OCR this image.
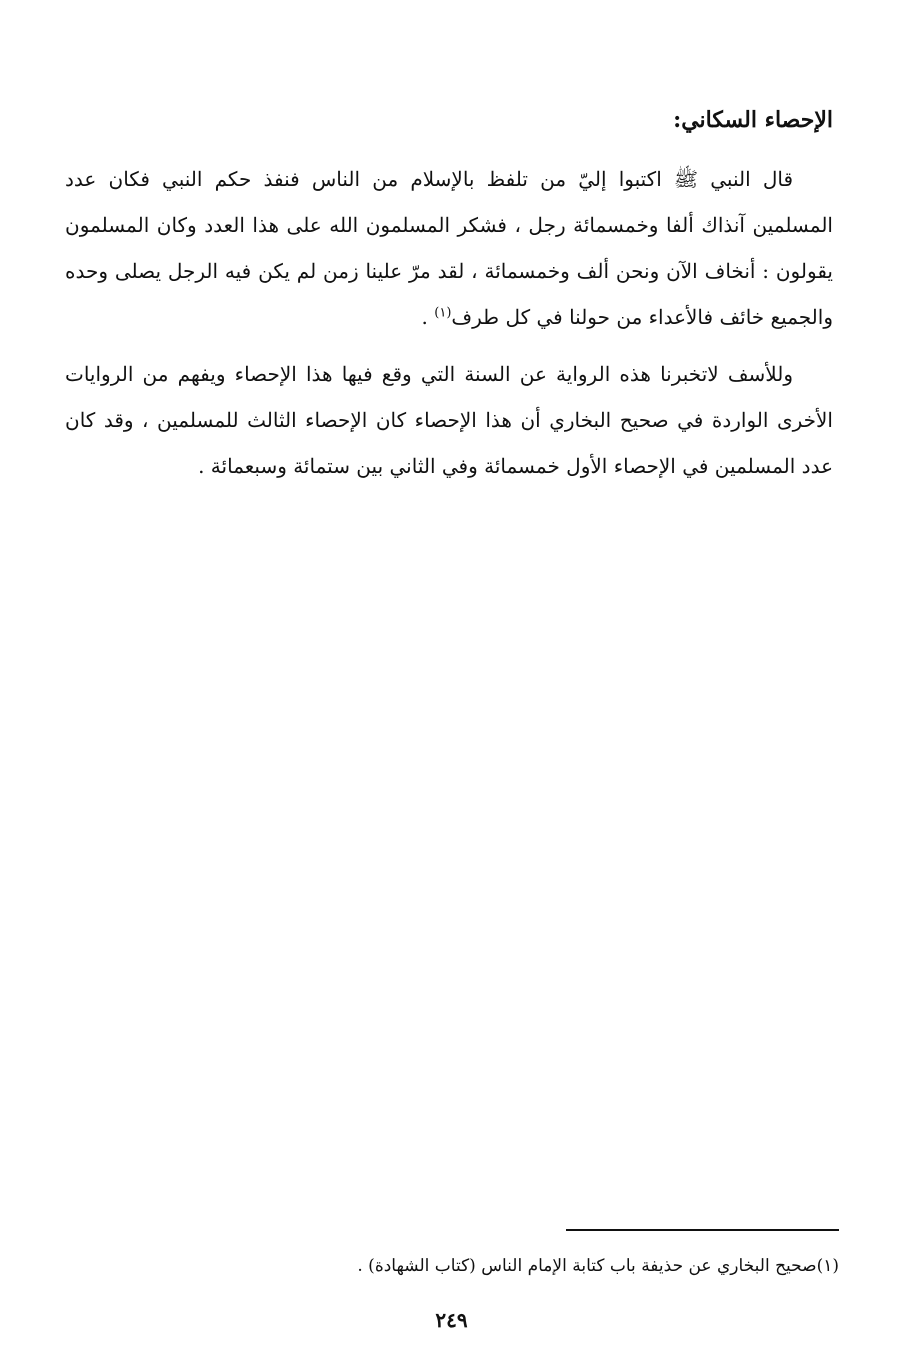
الإحصاء السكاني:

قال النبي ﷺ اكتبوا إليّ من تلفظ بالإسلام من الناس فنفذ حكم النبي فكان عدد المسلمين آنذاك ألفا وخمسمائة رجل ، فشكر المسلمون الله على هذا العدد وكان المسلمون يقولون : أنخاف الآن ونحن ألف وخمسمائة ، لقد مرّ علينا زمن لم يكن فيه الرجل يصلى وحده والجميع خائف فالأعداء من حولنا في كل طرف$^{(١)}$ .

وللأسف لاتخبرنا هذه الرواية عن السنة التي وقع فيها هذا الإحصاء ويفهم من الروايات الأخرى الواردة في صحيح البخاري أن هذا الإحصاء كان الإحصاء الثالث للمسلمين ، وقد كان عدد المسلمين في الإحصاء الأول خمسمائة وفي الثاني بين ستمائة وسبعمائة .

(١)صحيح البخاري عن حذيفة باب كتابة الإمام الناس (كتاب الشهادة) .

٢٤٩
